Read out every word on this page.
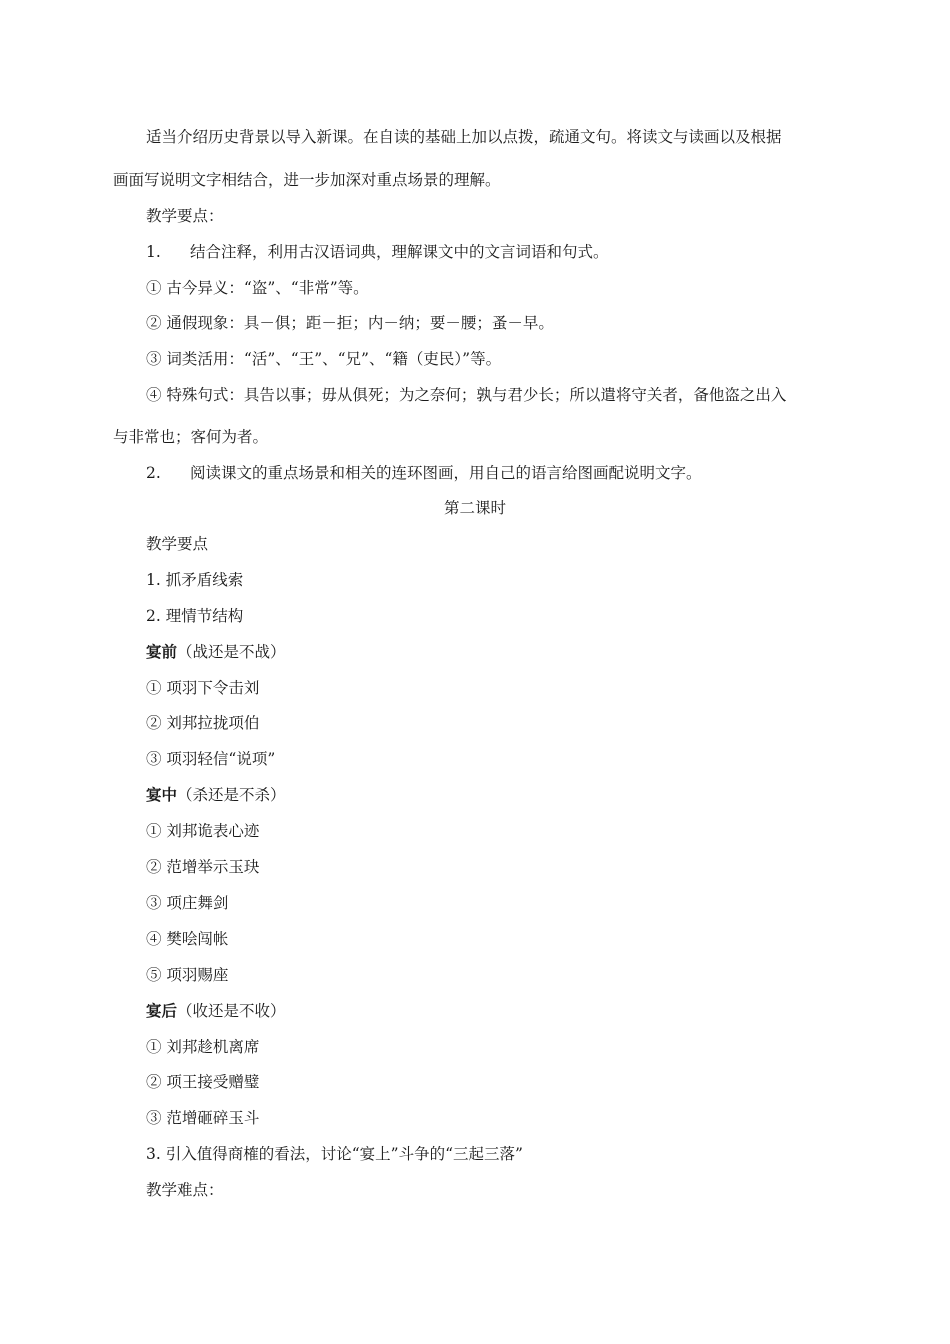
适当介绍历史背景以导入新课。在自读的基础上加以点拨，疏通文句。将读文与读画以及根据
画面写说明文字相结合，进一步加深对重点场景的理解。
教学要点：
1. 结合注释，利用古汉语词典，理解课文中的文言词语和句式。
① 古今异义：“盗”、“非常”等。
② 通假现象：具－俱；距－拒；内－纳；要－腰；蚤－早。
③ 词类活用：“活”、“王”、“兄”、“籍（吏民）”等。
④ 特殊句式：具告以事；毋从俱死；为之奈何；孰与君少长；所以遣将守关者，备他盗之出入
与非常也；客何为者。
2. 阅读课文的重点场景和相关的连环图画，用自己的语言给图画配说明文字。
第二课时
教学要点
1. 抓矛盾线索
2. 理情节结构
宴前（战还是不战）
① 项羽下令击刘
② 刘邦拉拢项伯
③ 项羽轻信“说项”
宴中（杀还是不杀）
① 刘邦诡表心迹
② 范增举示玉玦
③ 项庄舞剑
④ 樊哙闯帐
⑤ 项羽赐座
宴后（收还是不收）
① 刘邦趁机离席
② 项王接受赠璧
③ 范增砸碎玉斗
3. 引入值得商榷的看法，讨论“宴上”斗争的“三起三落”
教学难点：
